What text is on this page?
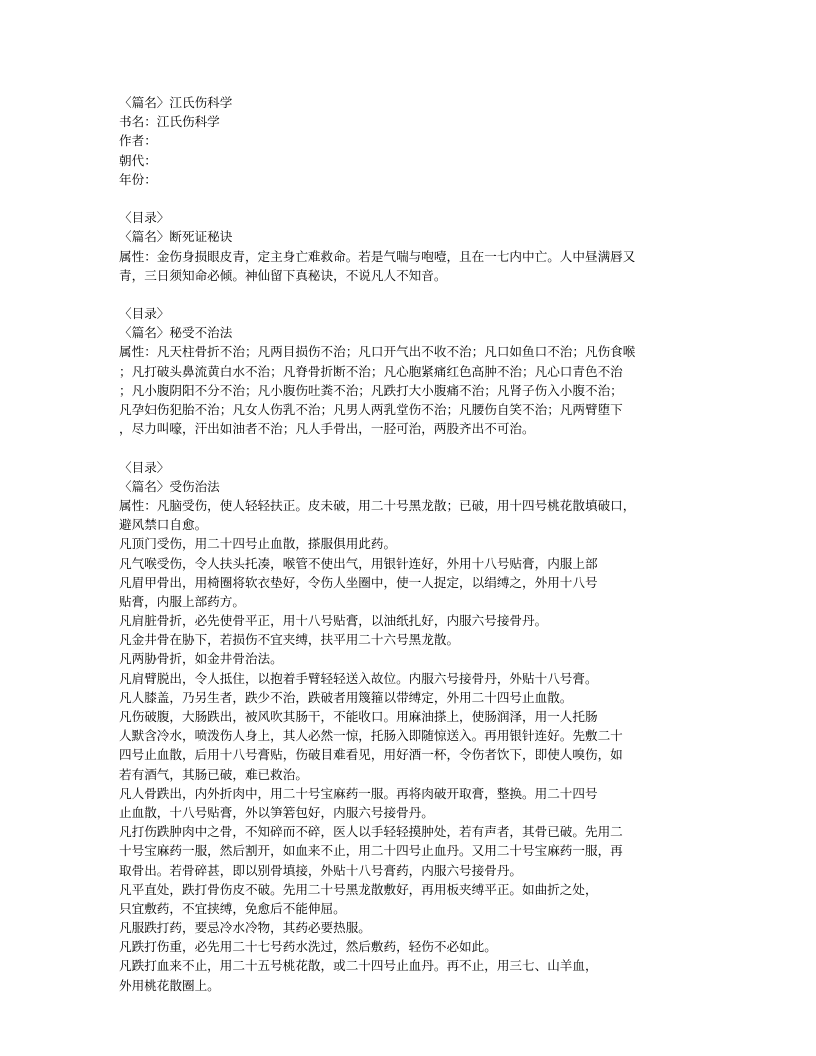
〈篇名〉江氏伤科学
书名：江氏伤科学
作者：
朝代：
年份：
〈目录〉
〈篇名〉断死证秘诀
属性：金伤身损眼皮青，定主身亡难救命。若是气喘与咆噎，且在一七内中亡。人中昼满唇又
青，三日须知命必倾。神仙留下真秘诀，不说凡人不知音。
〈目录〉
〈篇名〉秘受不治法
属性：凡天柱骨折不治；凡两目损伤不治；凡口开气出不收不治；凡口如鱼口不治；凡伤食喉
；凡打破头鼻流黄白水不治；凡脊骨折断不治；凡心胞紧痛红色高肿不治；凡心口青色不治
；凡小腹阴阳不分不治；凡小腹伤吐粪不治；凡跌打大小腹痛不治；凡肾子伤入小腹不治；
凡孕妇伤犯胎不治；凡女人伤乳不治；凡男人两乳堂伤不治；凡腰伤自笑不治；凡两臂堕下
，尽力叫嚎，汗出如油者不治；凡人手骨出，一胫可治，两股齐出不可治。
〈目录〉
〈篇名〉受伤治法
属性：凡脑受伤，使人轻轻扶正。皮未破，用二十号黑龙散；已破，用十四号桃花散填破口，
避风禁口自愈。
凡顶门受伤，用二十四号止血散，搽服俱用此药。
凡气喉受伤，令人扶头托凑，喉管不使出气，用银针连好，外用十八号贴膏，内服上部
凡眉甲骨出，用椅圈将软衣垫好，令伤人坐圈中，使一人捉定，以绢缚之，外用十八号
贴膏，内服上部药方。
凡肩脏骨折，必先使骨平正，用十八号贴膏，以油纸扎好，内服六号接骨丹。
凡金井骨在胁下，若损伤不宜夹缚，扶平用二十六号黑龙散。
凡两胁骨折，如金井骨治法。
凡肩臂脱出，令人抵住，以抱着手臂轻轻送入故位。内服六号接骨丹，外贴十八号膏。
凡人膝盖，乃另生者，跌少不治，跌破者用篾箍以带缚定，外用二十四号止血散。
凡伤破腹，大肠跌出，被风吹其肠干，不能收口。用麻油搽上，使肠润泽，用一人托肠
人默含冷水，喷泼伤人身上，其人必然一惊，托肠入即随惊送入。再用银针连好。先敷二十
四号止血散，后用十八号膏贴，伤破目难看见，用好酒一杯，令伤者饮下，即使人嗅伤，如
若有酒气，其肠已破，难已救治。
凡人骨跌出，内外折肉中，用二十号宝麻药一服。再将肉破开取膏，整换。用二十四号
止血散，十八号贴膏，外以笋箬包好，内服六号接骨丹。
凡打伤跌肿肉中之骨，不知碎而不碎，医人以手轻轻摸肿处，若有声者，其骨已破。先用二
十号宝麻药一服，然后割开，如血来不止，用二十四号止血丹。又用二十号宝麻药一服，再
取骨出。若骨碎甚，即以别骨填接，外贴十八号膏药，内服六号接骨丹。
凡平直处，跌打骨伤皮不破。先用二十号黑龙散敷好，再用板夹缚平正。如曲折之处，
只宜敷药，不宜挟缚，免愈后不能伸屈。
凡服跌打药，要忌冷水冷物，其药必要热服。
凡跌打伤重，必先用二十七号药水洗过，然后敷药，轻伤不必如此。
凡跌打血来不止，用二十五号桃花散，或二十四号止血丹。再不止，用三七、山羊血，
外用桃花散圈上。
